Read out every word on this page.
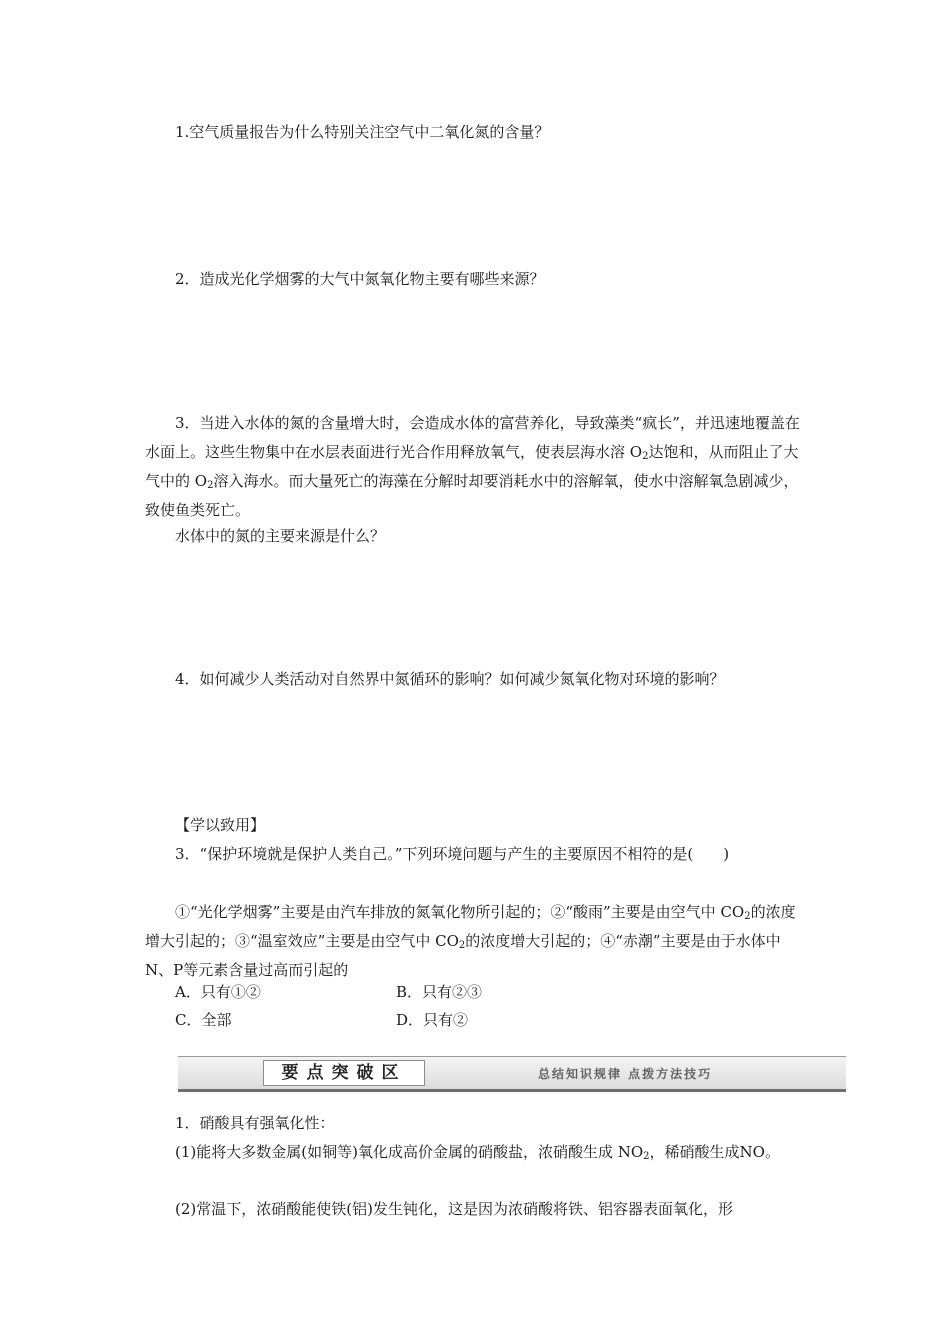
1.空气质量报告为什么特别关注空气中二氧化氮的含量？

2．造成光化学烟雾的大气中氮氧化物主要有哪些来源？

3．当进入水体的氮的含量增大时，会造成水体的富营养化，导致藻类“疯长”，并迅速地覆盖在水面上。这些生物集中在水层表面进行光合作用释放氧气，使表层海水溶 $O_2$达饱和，从而阻止了大气中的 $O_2$溶入海水。而大量死亡的海藻在分解时却要消耗水中的溶解氧，使水中溶解氧急剧减少，致使鱼类死亡。

水体中的氮的主要来源是什么？

4．如何减少人类活动对自然界中氮循环的影响？如何减少氮氧化物对环境的影响？

【学以致用】

3．“保护环境就是保护人类自己。”下列环境问题与产生的主要原因不相符的是(　　)

①“光化学烟雾”主要是由汽车排放的氮氧化物所引起的；②“酸雨”主要是由空气中 $CO_2$的浓度增大引起的；③“温室效应”主要是由空气中 $CO_2$的浓度增大引起的；④“赤潮”主要是由于水体中N、P等元素含量过高而引起的

A．只有①②	B．只有②③
C．全部	D．只有②
要点突破区	总结知识规律 点拨方法技巧

1．硝酸具有强氧化性：

(1)能将大多数金属(如铜等)氧化成高价金属的硝酸盐，浓硝酸生成 $NO_2$，稀硝酸生成NO。

(2)常温下，浓硝酸能使铁(铝)发生钝化，这是因为浓硝酸将铁、铝容器表面氧化，形
